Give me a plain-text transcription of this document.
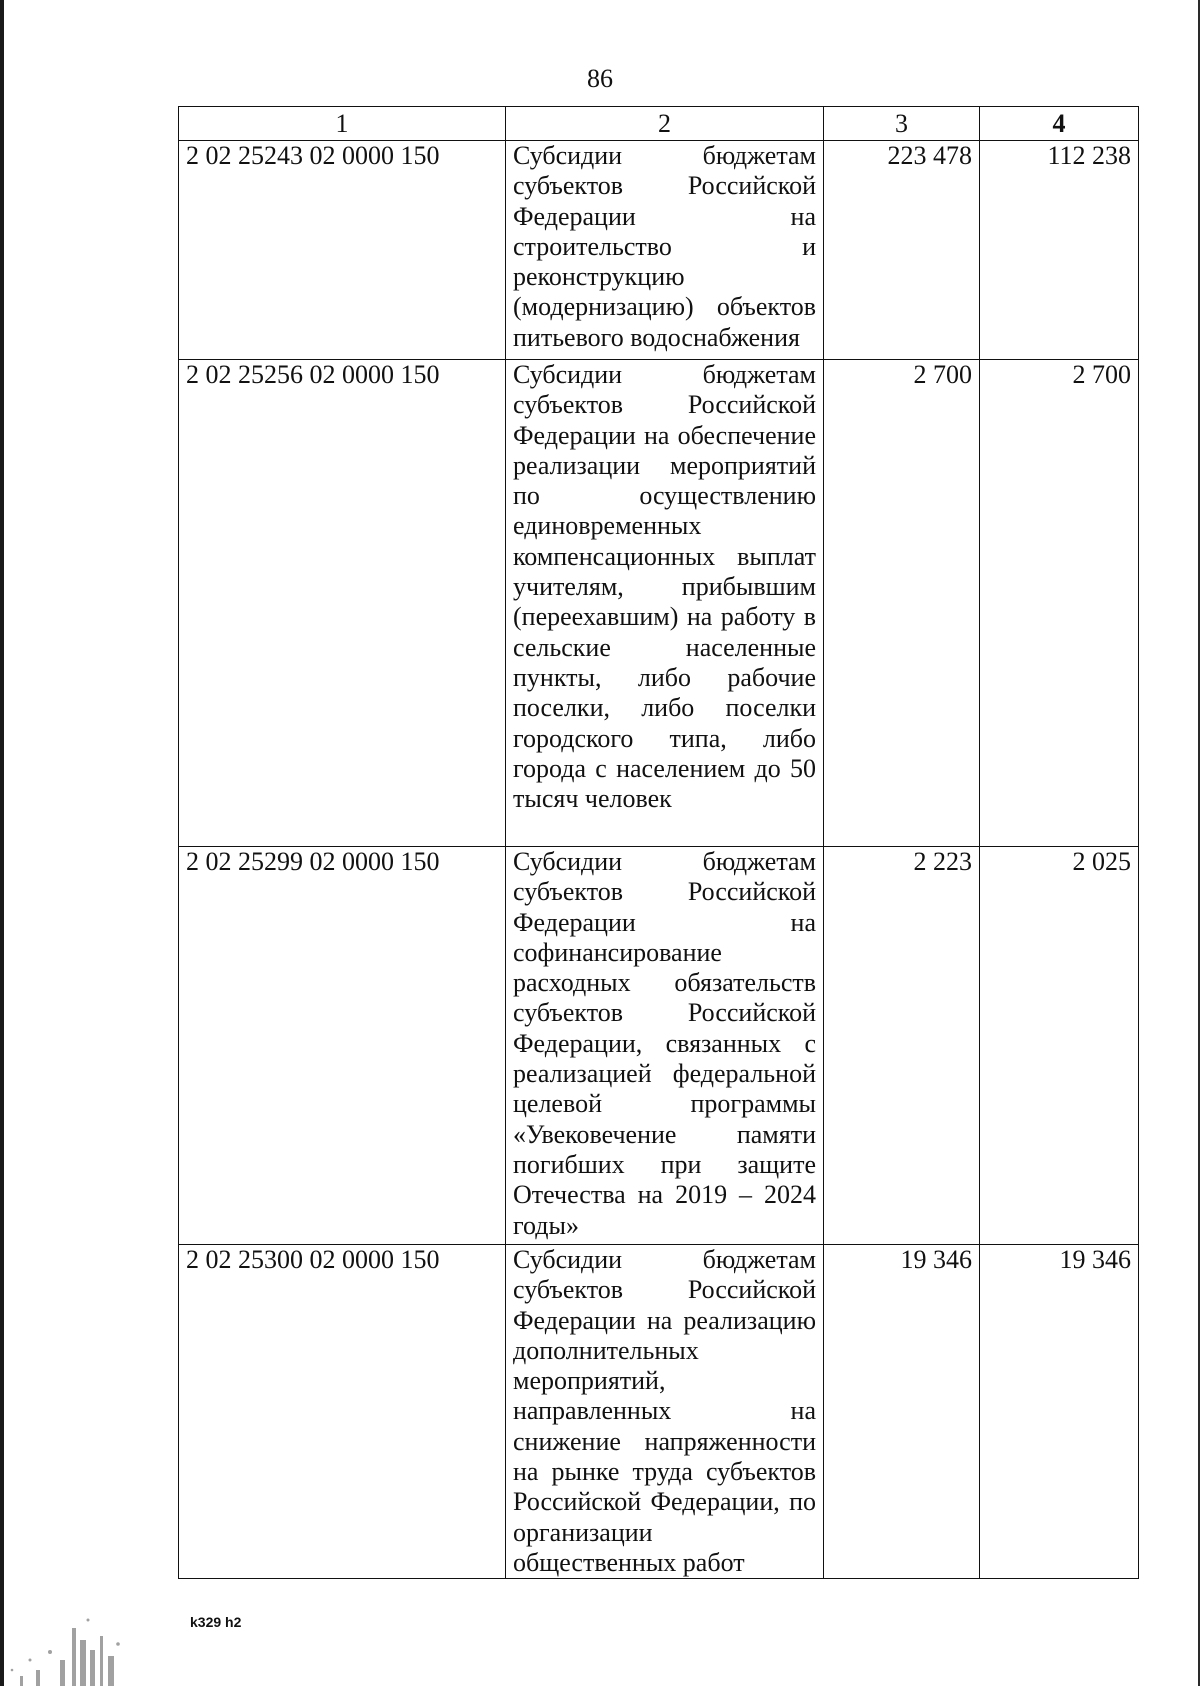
86
1	2	3	4
2 02 25243 02 0000 150	Субсидии бюджетам субъектов Российской Федерации на строительство и реконструкцию (модернизацию) объектов питьевого водоснабжения	223 478	112 238
2 02 25256 02 0000 150	Субсидии бюджетам субъектов Российской Федерации на обеспечение реализации мероприятий по осуществлению единовременных компенсационных выплат учителям, прибывшим (переехавшим) на работу в сельские населенные пункты, либо рабочие поселки, либо поселки городского типа, либо города с населением до 50 тысяч человек	2 700	2 700
2 02 25299 02 0000 150	Субсидии бюджетам субъектов Российской Федерации на софинансирование расходных обязательств субъектов Российской Федерации, связанных с реализацией федеральной целевой программы «Увековечение памяти погибших при защите Отечества на 2019 – 2024 годы»	2 223	2 025
2 02 25300 02 0000 150	Субсидии бюджетам субъектов Российской Федерации на реализацию дополнительных мероприятий, направленных на снижение напряженности на рынке труда субъектов Российской Федерации, по организации общественных работ	19 346	19 346
k329 h2
